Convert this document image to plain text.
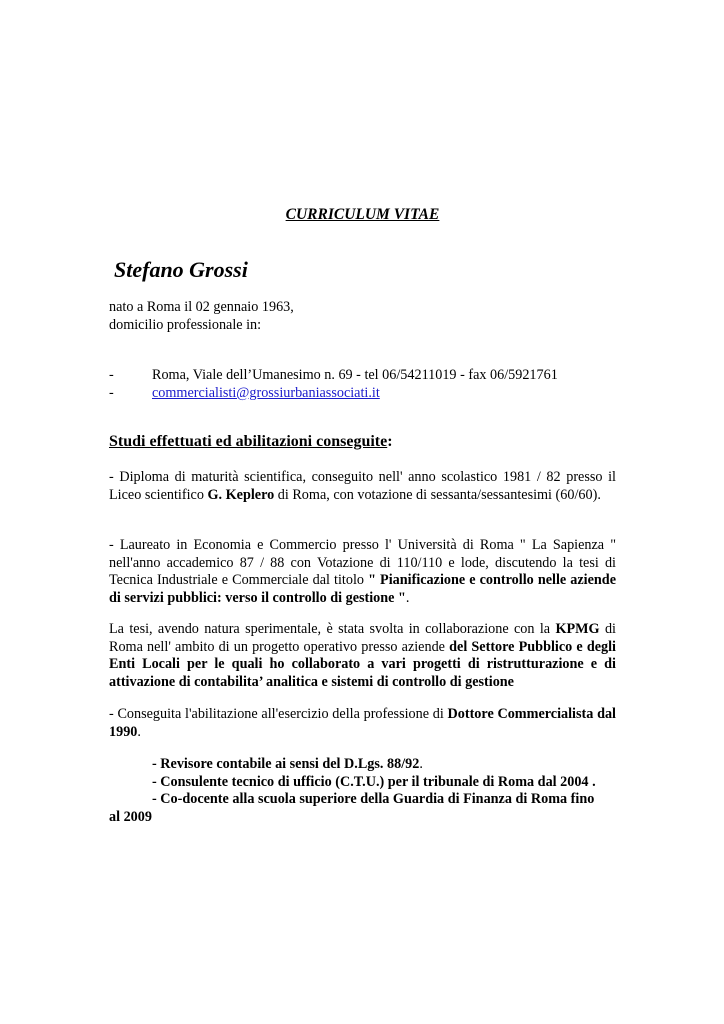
CURRICULUM VITAE
Stefano Grossi
nato a Roma il 02 gennaio 1963,
domicilio professionale in:
-	Roma, Viale dell’Umanesimo n. 69 - tel 06/54211019 - fax 06/5921761
-	commercialisti@grossiurbaniassociati.it
Studi effettuati ed abilitazioni conseguite:
- Diploma di maturità scientifica, conseguito nell' anno scolastico 1981 / 82 presso il Liceo scientifico G. Keplero di Roma, con votazione di sessanta/sessantesimi (60/60).
- Laureato in Economia e Commercio presso l' Università di Roma " La Sapienza " nell'anno accademico 87 / 88 con Votazione di 110/110 e lode, discutendo la tesi di Tecnica Industriale e Commerciale dal titolo " Pianificazione e controllo nelle aziende di servizi pubblici: verso il controllo di gestione ".
La tesi, avendo natura sperimentale, è stata svolta in collaborazione con la KPMG di Roma nell' ambito di un progetto operativo presso aziende del Settore Pubblico e degli Enti Locali per le quali ho collaborato a vari progetti di ristrutturazione e di attivazione di contabilita’ analitica e sistemi di controllo di gestione
- Conseguita l'abilitazione all'esercizio della professione di Dottore Commercialista dal 1990.
- Revisore contabile ai sensi del D.Lgs. 88/92.
- Consulente tecnico di ufficio (C.T.U.) per il tribunale di Roma dal 2004 .
- Co-docente alla scuola superiore della Guardia di Finanza di Roma fino
al 2009
